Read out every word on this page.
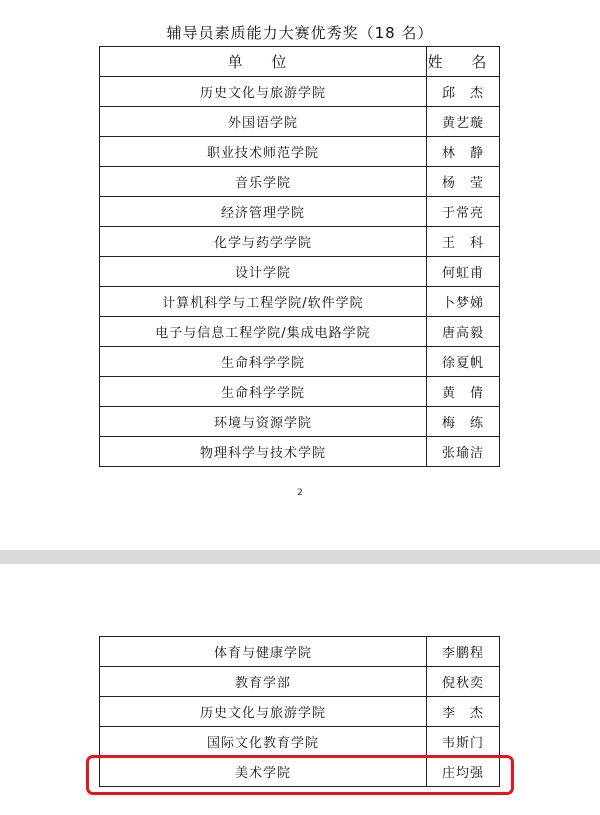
辅导员素质能力大赛优秀奖（18 名）
单 位	姓 名
历史文化与旅游学院	邱　杰
外国语学院	黄艺璇
职业技术师范学院	林　静
音乐学院	杨　莹
经济管理学院	于常亮
化学与药学学院	王　科
设计学院	何虹甫
计算机科学与工程学院/软件学院	卜梦娣
电子与信息工程学院/集成电路学院	唐高毅
生命科学学院	徐夏帆
生命科学学院	黄　倩
环境与资源学院	梅　练
物理科学与技术学院	张瑜洁
2
体育与健康学院	李鹏程
教育学部	倪秋奕
历史文化与旅游学院	李　杰
国际文化教育学院	韦斯门
美术学院	庄均强
